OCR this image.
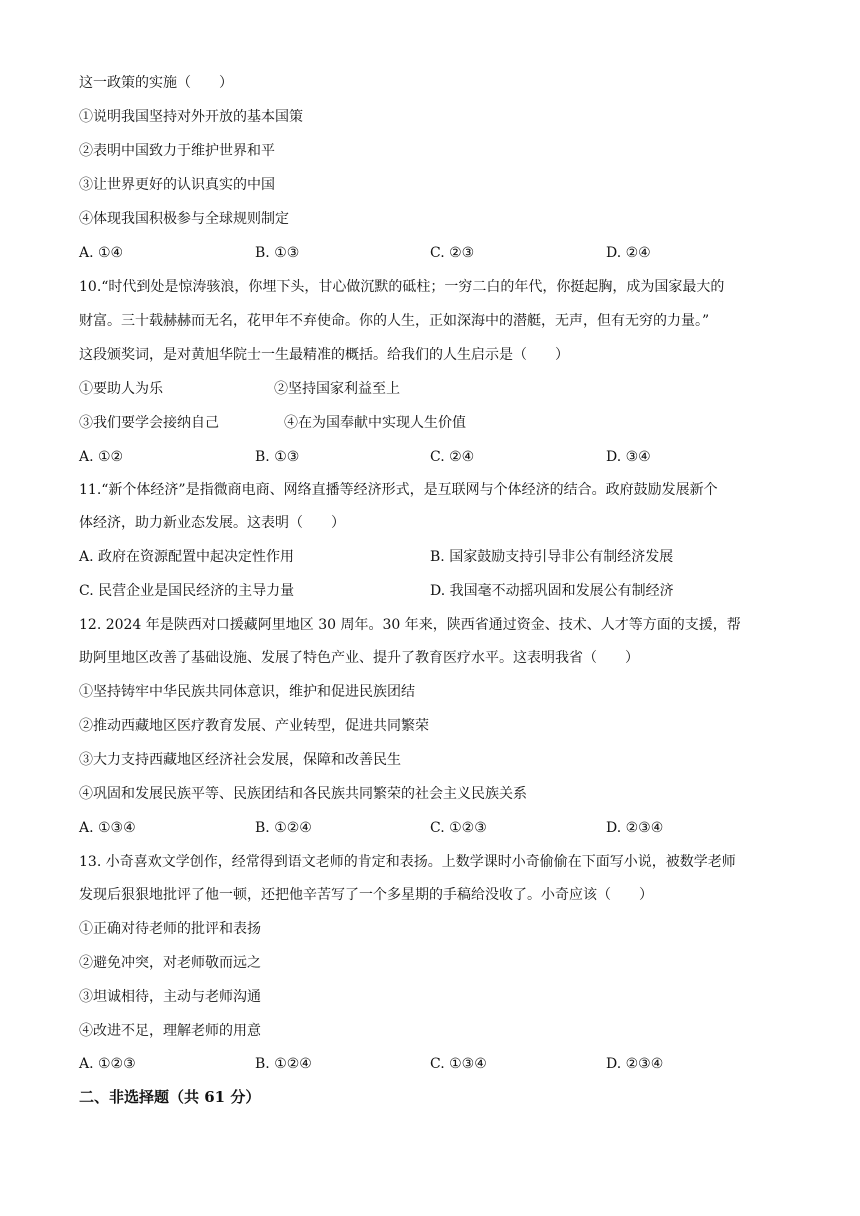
这一政策的实施（　　）
①说明我国坚持对外开放的基本国策
②表明中国致力于维护世界和平
③让世界更好的认识真实的中国
④体现我国积极参与全球规则制定
A. ①④	B. ①③	C. ②③	D. ②④
10.“时代到处是惊涛骇浪，你埋下头，甘心做沉默的砥柱；一穷二白的年代，你挺起胸，成为国家最大的
财富。三十载赫赫而无名，花甲年不弃使命。你的人生，正如深海中的潜艇，无声，但有无穷的力量。”
这段颁奖词，是对黄旭华院士一生最精准的概括。给我们的人生启示是（　　）
①要助人为乐	②坚持国家利益至上
③我们要学会接纳自己	④在为国奉献中实现人生价值
A. ①②	B. ①③	C. ②④	D. ③④
11.“新个体经济”是指微商电商、网络直播等经济形式，是互联网与个体经济的结合。政府鼓励发展新个
体经济，助力新业态发展。这表明（　　）
A. 政府在资源配置中起决定性作用	B. 国家鼓励支持引导非公有制经济发展
C. 民营企业是国民经济的主导力量	D. 我国毫不动摇巩固和发展公有制经济
12. 2024 年是陕西对口援藏阿里地区 30 周年。30 年来，陕西省通过资金、技术、人才等方面的支援，帮
助阿里地区改善了基础设施、发展了特色产业、提升了教育医疗水平。这表明我省（　　）
①坚持铸牢中华民族共同体意识，维护和促进民族团结
②推动西藏地区医疗教育发展、产业转型，促进共同繁荣
③大力支持西藏地区经济社会发展，保障和改善民生
④巩固和发展民族平等、民族团结和各民族共同繁荣的社会主义民族关系
A. ①③④	B. ①②④	C. ①②③	D. ②③④
13. 小奇喜欢文学创作，经常得到语文老师的肯定和表扬。上数学课时小奇偷偷在下面写小说，被数学老师
发现后狠狠地批评了他一顿，还把他辛苦写了一个多星期的手稿给没收了。小奇应该（　　）
①正确对待老师的批评和表扬
②避免冲突，对老师敬而远之
③坦诚相待，主动与老师沟通
④改进不足，理解老师的用意
A. ①②③	B. ①②④	C. ①③④	D. ②③④
二、非选择题（共 61 分）
